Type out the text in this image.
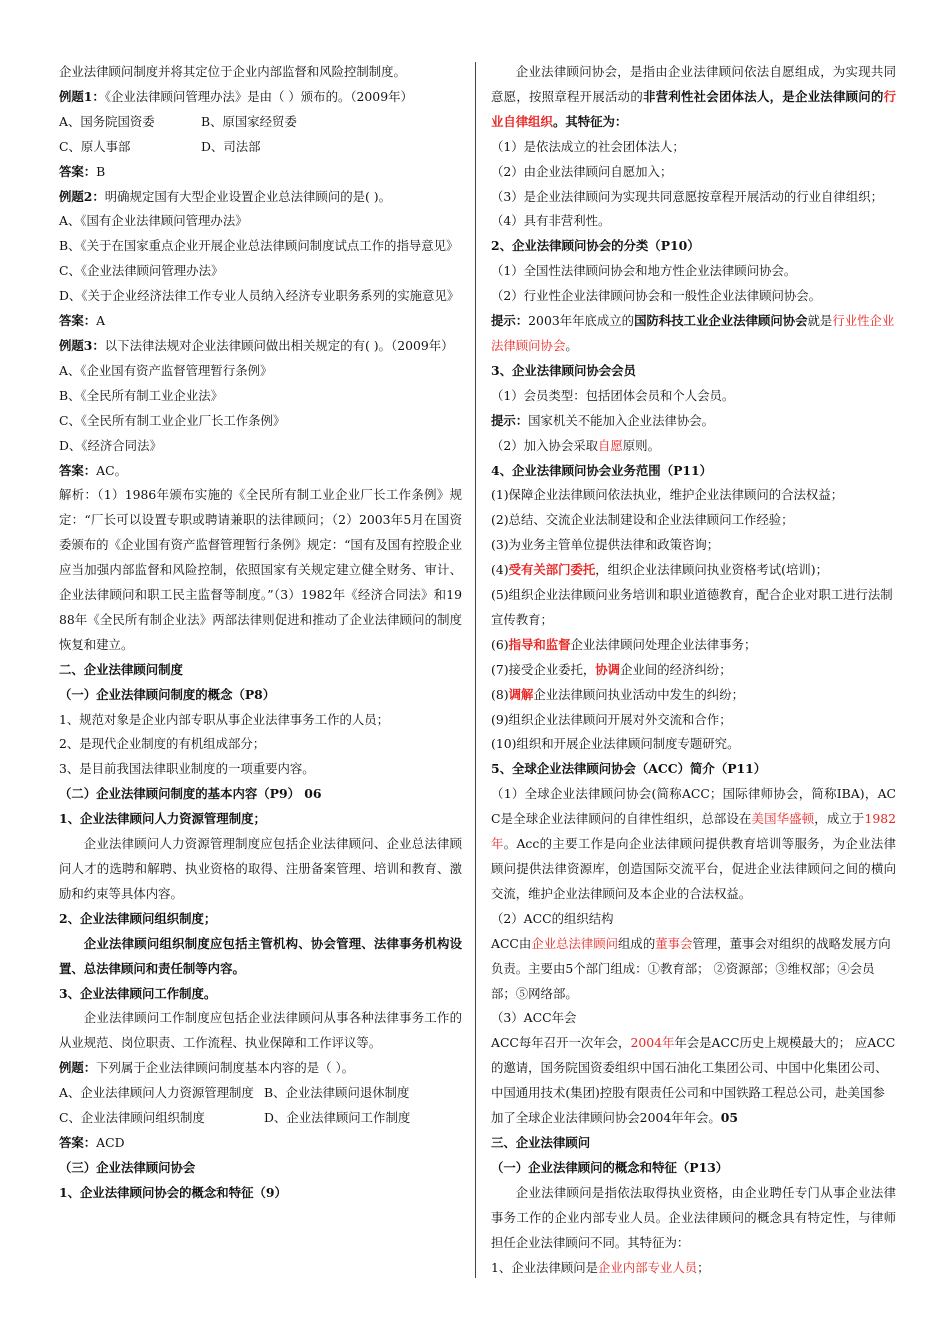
企业法律顾问制度并将其定位于企业内部监督和风险控制制度。

例题1：《企业法律顾问管理办法》是由（ ）颁布的。（2009年）

A、国务院国资委	B、原国家经贸委

C、原人事部	D、司法部

答案：B

例题2：明确规定国有大型企业设置企业总法律顾问的是( )。

A、《国有企业法律顾问管理办法》

B、《关于在国家重点企业开展企业总法律顾问制度试点工作的指导意见》

C、《企业法律顾问管理办法》

D、《关于企业经济法律工作专业人员纳入经济专业职务系列的实施意见》

答案：A

例题3：以下法律法规对企业法律顾问做出相关规定的有( )。（2009年）

A、《企业国有资产监督管理暂行条例》

B、《全民所有制工业企业法》

C、《全民所有制工业企业厂长工作条例》

D、《经济合同法》

答案：AC。

解析：（1）1986年颁布实施的《全民所有制工业企业厂长工作条例》规定：“厂长可以设置专职或聘请兼职的法律顾问；（2）2003年5月在国资委颁布的《企业国有资产监督管理暂行条例》规定：“国有及国有控股企业应当加强内部监督和风险控制，依照国家有关规定建立健全财务、审计、企业法律顾问和职工民主监督等制度。”（3）1982年《经济合同法》和1988年《全民所有制企业法》两部法律则促进和推动了企业法律顾问的制度恢复和建立。

二、企业法律顾问制度

（一）企业法律顾问制度的概念（P8）

1、规范对象是企业内部专职从事企业法律事务工作的人员；

2、是现代企业制度的有机组成部分；

3、是目前我国法律职业制度的一项重要内容。

（二）企业法律顾问制度的基本内容（P9） 06

1、企业法律顾问人力资源管理制度；

企业法律顾问人力资源管理制度应包括企业法律顾问、企业总法律顾问人才的选聘和解聘、执业资格的取得、注册备案管理、培训和教育、激励和约束等具体内容。

2、企业法律顾问组织制度；

企业法律顾问组织制度应包括主管机构、协会管理、法律事务机构设置、总法律顾问和责任制等内容。

3、企业法律顾问工作制度。

企业法律顾问工作制度应包括企业法律顾问从事各种法律事务工作的从业规范、岗位职责、工作流程、执业保障和工作评议等。

例题：下列属于企业法律顾问制度基本内容的是（ ）。

A、企业法律顾问人力资源管理制度 B、企业法律顾问退休制度

C、企业法律顾问组织制度	D、企业法律顾问工作制度

答案：ACD

（三）企业法律顾问协会

1、企业法律顾问协会的概念和特征（9）

企业法律顾问协会，是指由企业法律顾问依法自愿组成，为实现共同意愿，按照章程开展活动的非营利性社会团体法人，是企业法律顾问的行业自律组织。其特征为：

（1）是依法成立的社会团体法人；

（2）由企业法律顾问自愿加入；

（3）是企业法律顾问为实现共同意愿按章程开展活动的行业自律组织；

（4）具有非营利性。

2、企业法律顾问协会的分类（P10）

（1）全国性法律顾问协会和地方性企业法律顾问协会。

（2）行业性企业法律顾问协会和一般性企业法律顾问协会。

提示：2003年年底成立的国防科技工业企业法律顾问协会就是行业性企业法律顾问协会。

3、企业法律顾问协会会员

（1）会员类型：包括团体会员和个人会员。

提示：国家机关不能加入企业法律协会。

（2）加入协会采取自愿原则。

4、企业法律顾问协会业务范围（P11）

(1)保障企业法律顾问依法执业，维护企业法律顾问的合法权益；

(2)总结、交流企业法制建设和企业法律顾问工作经验；

(3)为业务主管单位提供法律和政策咨询；

(4)受有关部门委托，组织企业法律顾问执业资格考试(培训)；

(5)组织企业法律顾问业务培训和职业道德教育，配合企业对职工进行法制宣传教育；

(6)指导和监督企业法律顾问处理企业法律事务；

(7)接受企业委托，协调企业间的经济纠纷；

(8)调解企业法律顾问执业活动中发生的纠纷；

(9)组织企业法律顾问开展对外交流和合作；

(10)组织和开展企业法律顾问制度专题研究。

5、全球企业法律顾问协会（ACC）简介（P11）

（1）全球企业法律顾问协会(简称ACC；国际律师协会，简称IBA)，ACC是全球企业法律顾问的自律性组织，总部设在美国华盛顿，成立于1982年。Acc的主要工作是向企业法律顾问提供教育培训等服务，为企业法律顾问提供法律资源库，创造国际交流平台，促进企业法律顾问之间的横向交流，维护企业法律顾问及本企业的合法权益。

（2）ACC的组织结构

ACC由企业总法律顾问组成的董事会管理，董事会对组织的战略发展方向负责。主要由5个部门组成：①教育部； ②资源部；③维权部；④会员部；⑤网络部。

（3）ACC年会

ACC每年召开一次年会，2004年年会是ACC历史上规模最大的； 应ACC的邀请，国务院国资委组织中国石油化工集团公司、中国中化集团公司、中国通用技术(集团)控股有限责任公司和中国铁路工程总公司，赴美国参加了全球企业法律顾问协会2004年年会。05

三、企业法律顾问

（一）企业法律顾问的概念和特征（P13）

企业法律顾问是指依法取得执业资格，由企业聘任专门从事企业法律事务工作的企业内部专业人员。企业法律顾问的概念具有特定性，与律师担任企业法律顾问不同。其特征为：

1、企业法律顾问是企业内部专业人员；
